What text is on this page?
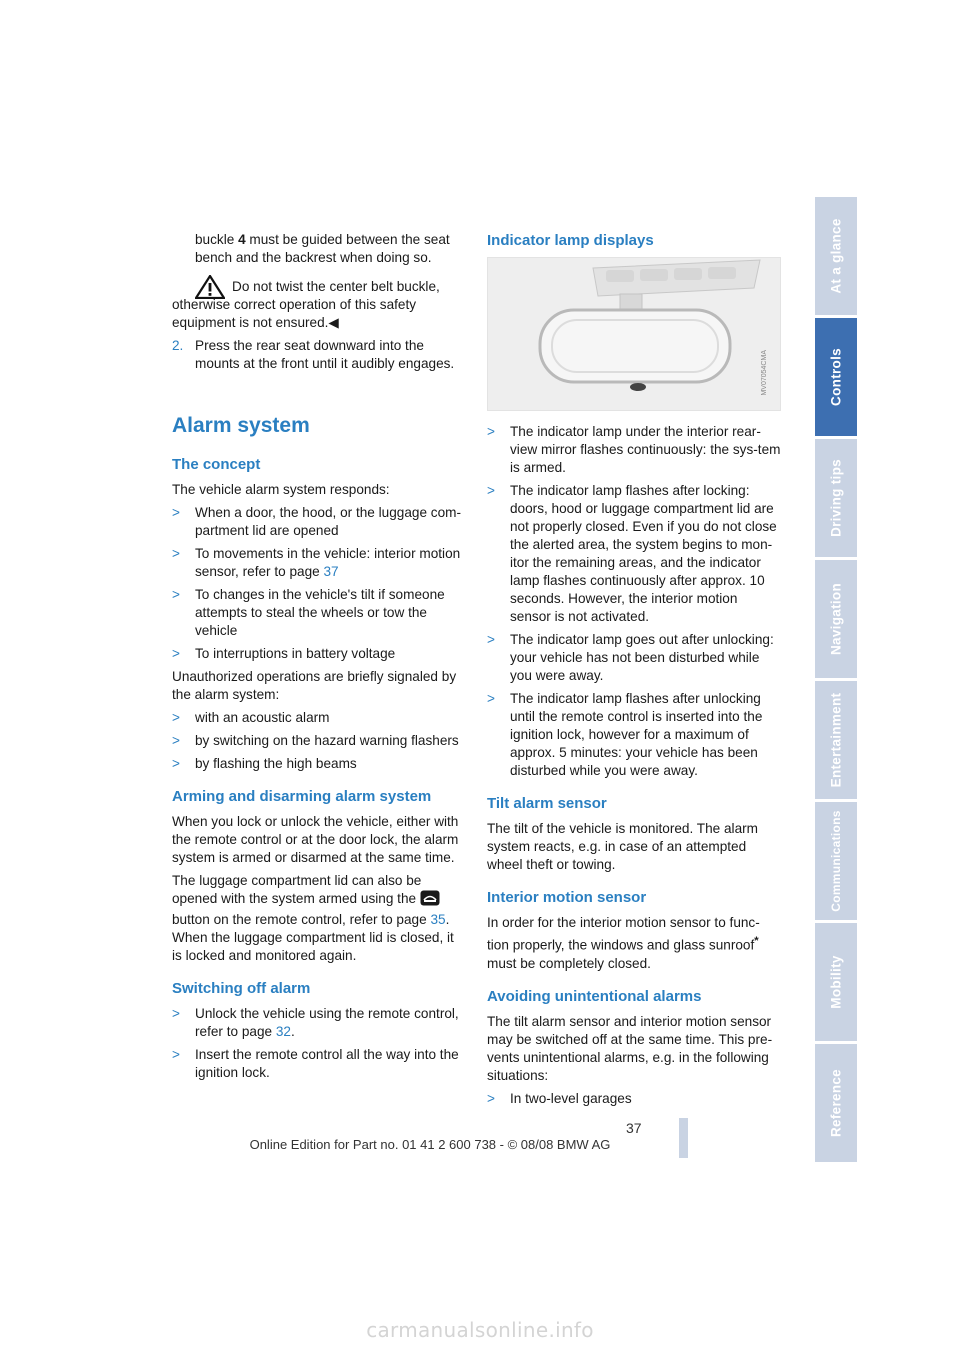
buckle 4 must be guided between the seat bench and the backrest when doing so.

Do not twist the center belt buckle, otherwise correct operation of this safety equipment is not ensured.◀

2. Press the rear seat downward into the mounts at the front until it audibly engages.
Alarm system
The concept

The vehicle alarm system responds:

>	When a door, the hood, or the luggage com-partment lid are opened
>	To movements in the vehicle: interior motion sensor, refer to page 37
>	To changes in the vehicle's tilt if someone attempts to steal the wheels or tow the vehicle
>	To interruptions in battery voltage

Unauthorized operations are briefly signaled by the alarm system:

>	with an acoustic alarm
>	by switching on the hazard warning flashers
>	by flashing the high beams
Arming and disarming alarm system

When you lock or unlock the vehicle, either with the remote control or at the door lock, the alarm system is armed or disarmed at the same time.

The luggage compartment lid can also be opened with the system armed using the  button on the remote control, refer to page 35. When the luggage compartment lid is closed, it is locked and monitored again.

Switching off alarm
>	Unlock the vehicle using the remote control, refer to page 32.
>	Insert the remote control all the way into the ignition lock.
Indicator lamp displays
MV07054CMA
>	The indicator lamp under the interior rear-view mirror flashes continuously: the sys-tem is armed.
>	The indicator lamp flashes after locking: doors, hood or luggage compartment lid are not properly closed. Even if you do not close the alerted area, the system begins to mon-itor the remaining areas, and the indicator lamp flashes continuously after approx. 10 seconds. However, the interior motion sensor is not activated.
>	The indicator lamp goes out after unlocking: your vehicle has not been disturbed while you were away.
>	The indicator lamp flashes after unlocking until the remote control is inserted into the ignition lock, however for a maximum of approx. 5 minutes: your vehicle has been disturbed while you were away.
Tilt alarm sensor

The tilt of the vehicle is monitored. The alarm system reacts, e.g. in case of an attempted wheel theft or towing.

Interior motion sensor

In order for the interior motion sensor to func-tion properly, the windows and glass sunroof* must be completely closed.

Avoiding unintentional alarms

The tilt alarm sensor and interior motion sensor may be switched off at the same time. This pre-vents unintentional alarms, e.g. in the following situations:

>	In two-level garages
At a glance
Controls
Driving tips
Navigation
Entertainment
Communications
Mobility
Reference
37
Online Edition for Part no. 01 41 2 600 738 - © 08/08 BMW AG
carmanualsonline.info
